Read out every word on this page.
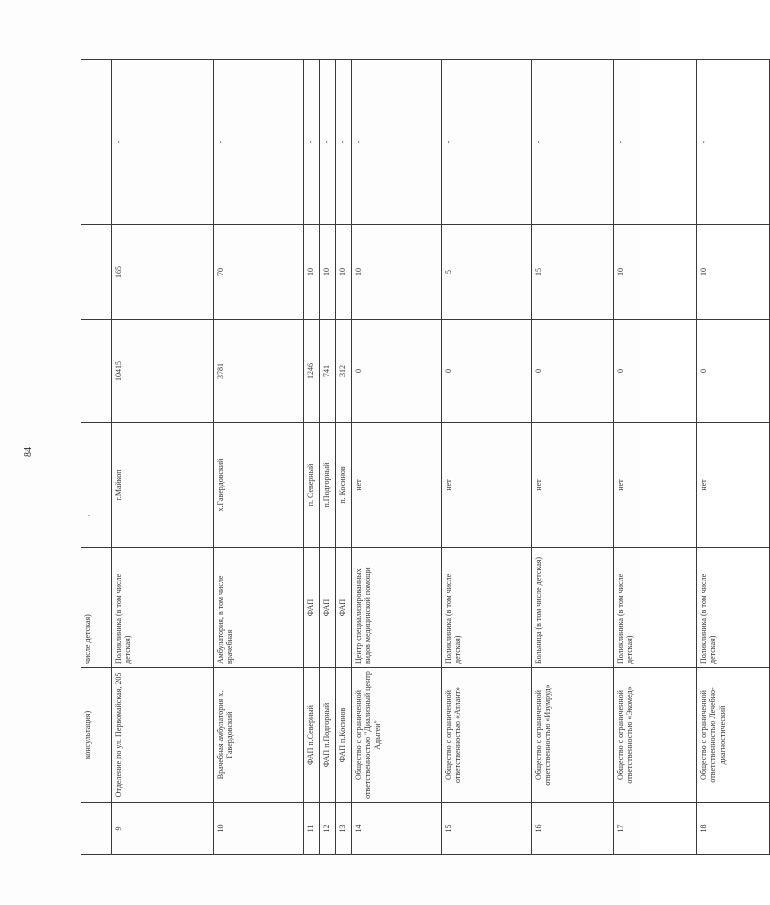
84
	консультация)	числе детская)				
9	Отделение по ул. Первомайская, 205	Поликлиника (в том числе детская)	г.Майкоп	10415	165	-
10	Врачебная амбулатория х. Гавердовский	Амбулатория, в том числе врачебная	х.Гавердовский	3781	70	-
11	ФАП п.Северный	ФАП	п. Северный	1246	10	-
12	ФАП п.Подгорный	ФАП	п.Подгорный	741	10	-
13	ФАП п.Косинов	ФАП	п. Косинов	312	10	-
14	Общество с ограниченной ответственностью "Диализный центр Адыгеи"	Центр специализированных видов медицинской помощи	нет	0	10	-
15	Общество с ограниченной ответственностью «Атлант»	Поликлиника (в том числе детская)	нет	0	5	-
16	Общество с ограниченной ответственностью «Изумруд»	Больница (в том числе детская)	нет	0	15	-
17	Общество с ограниченной ответственностью «Экомед»	Поликлиника (в том числе детская)	нет	0	10	-
18	Общество с ограниченной ответственностью Лечебно-диагностический	Поликлиника (в том числе детская)	нет	0	10	-
